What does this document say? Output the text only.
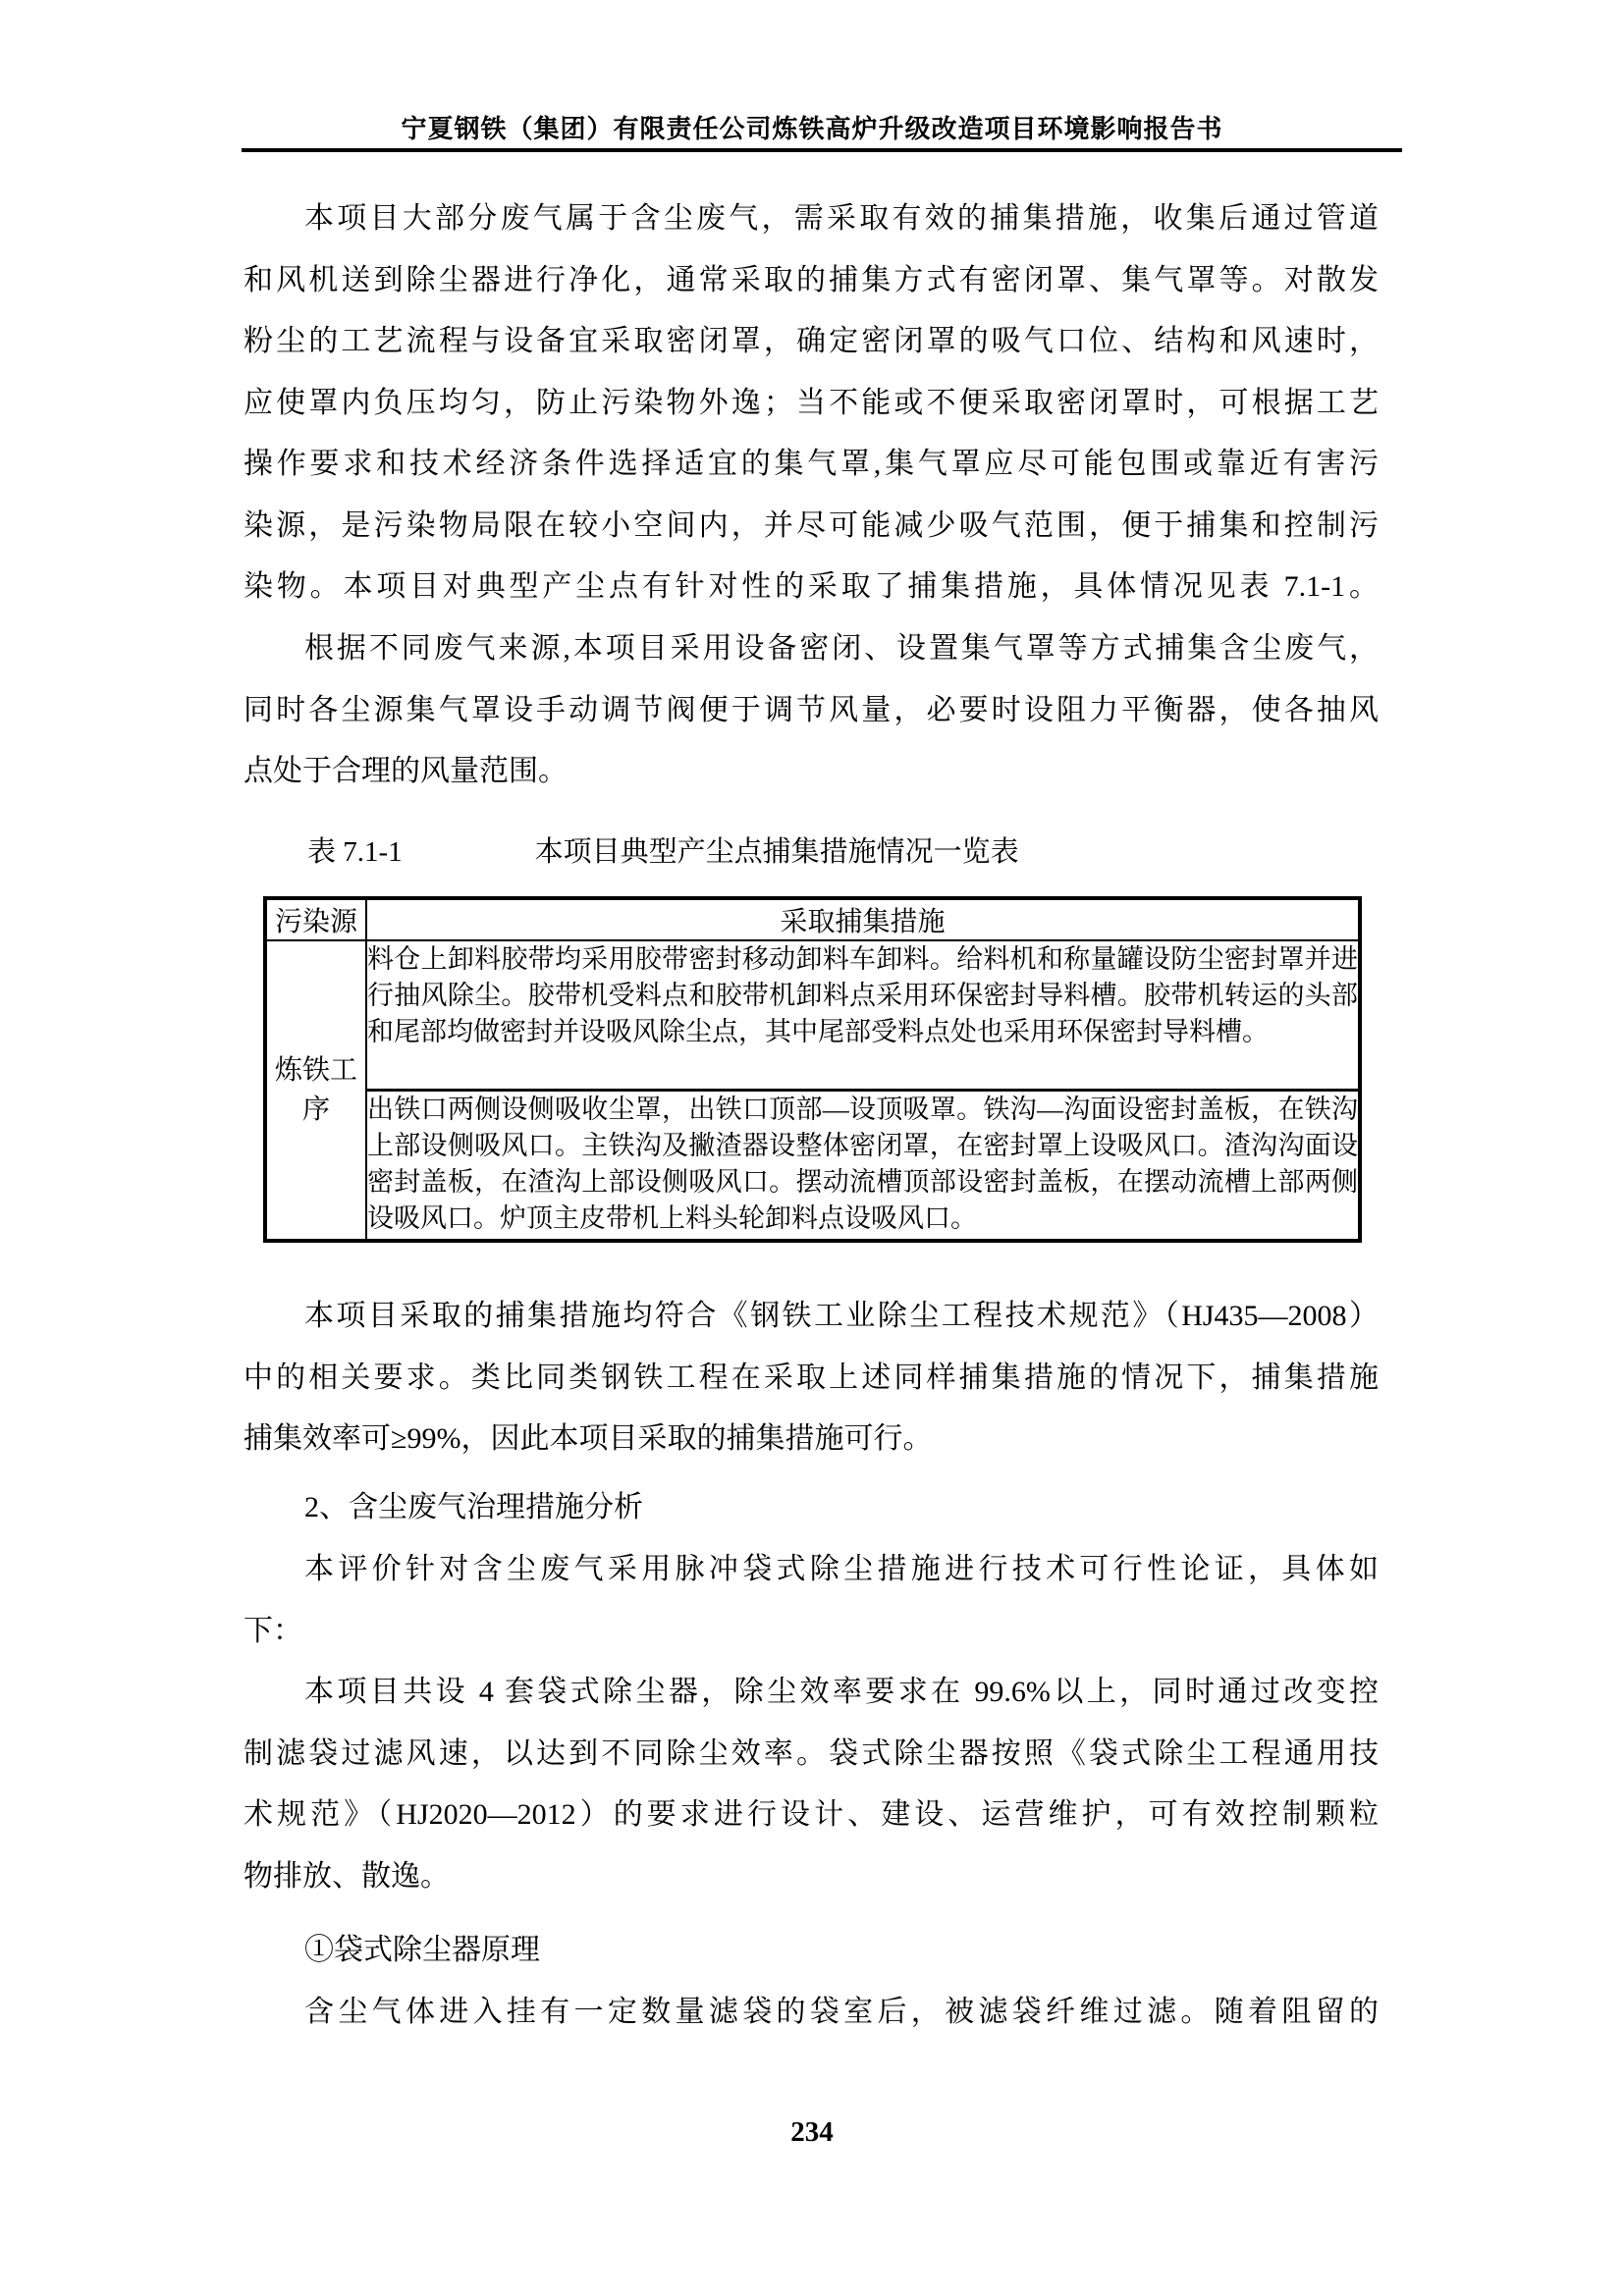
宁夏钢铁（集团）有限责任公司炼铁高炉升级改造项目环境影响报告书
本项目大部分废气属于含尘废气，需采取有效的捕集措施，收集后通过管道
和风机送到除尘器进行净化，通常采取的捕集方式有密闭罩、集气罩等。对散发
粉尘的工艺流程与设备宜采取密闭罩，确定密闭罩的吸气口位、结构和风速时，
应使罩内负压均匀，防止污染物外逸；当不能或不便采取密闭罩时，可根据工艺
操作要求和技术经济条件选择适宜的集气罩,集气罩应尽可能包围或靠近有害污
染源，是污染物局限在较小空间内，并尽可能减少吸气范围，便于捕集和控制污
染物。本项目对典型产尘点有针对性的采取了捕集措施，具体情况见表 7.1-1。
根据不同废气来源,本项目采用设备密闭、设置集气罩等方式捕集含尘废气，
同时各尘源集气罩设手动调节阀便于调节风量，必要时设阻力平衡器，使各抽风
点处于合理的风量范围。
表 7.1-1	本项目典型产尘点捕集措施情况一览表
污染源	采取捕集措施
炼铁工序	料仓上卸料胶带均采用胶带密封移动卸料车卸料。给料机和称量罐设防尘密封罩并进行抽风除尘。胶带机受料点和胶带机卸料点采用环保密封导料槽。胶带机转运的头部和尾部均做密封并设吸风除尘点，其中尾部受料点处也采用环保密封导料槽。
	出铁口两侧设侧吸收尘罩，出铁口顶部—设顶吸罩。铁沟—沟面设密封盖板，在铁沟上部设侧吸风口。主铁沟及撇渣器设整体密闭罩，在密封罩上设吸风口。渣沟沟面设密封盖板，在渣沟上部设侧吸风口。摆动流槽顶部设密封盖板，在摆动流槽上部两侧设吸风口。炉顶主皮带机上料头轮卸料点设吸风口。
本项目采取的捕集措施均符合《钢铁工业除尘工程技术规范》（HJ435—2008）
中的相关要求。类比同类钢铁工程在采取上述同样捕集措施的情况下，捕集措施
捕集效率可≥99%，因此本项目采取的捕集措施可行。
2、含尘废气治理措施分析
本评价针对含尘废气采用脉冲袋式除尘措施进行技术可行性论证，具体如
下：
本项目共设 4 套袋式除尘器，除尘效率要求在 99.6%以上，同时通过改变控
制滤袋过滤风速，以达到不同除尘效率。袋式除尘器按照《袋式除尘工程通用技
术规范》（HJ2020—2012）的要求进行设计、建设、运营维护，可有效控制颗粒
物排放、散逸。
①袋式除尘器原理
含尘气体进入挂有一定数量滤袋的袋室后，被滤袋纤维过滤。随着阻留的
234
